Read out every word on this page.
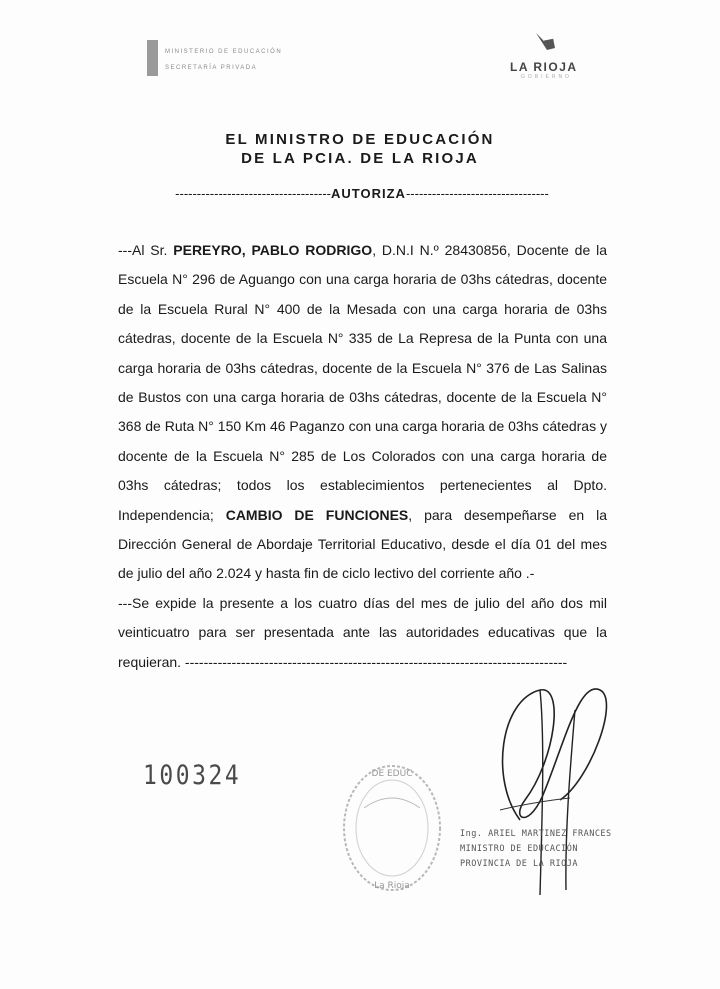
MINISTERIO DE EDUCACIÓN
SECRETARÍA PRIVADA	LA RIOJA
GOBIERNO
EL MINISTRO DE EDUCACIÓN
DE LA PCIA. DE LA RIOJA
------------------------------------AUTORIZA---------------------------------

---Al Sr. PEREYRO, PABLO RODRIGO, D.N.I N.º 28430856, Docente de la Escuela N° 296 de Aguango con una carga horaria de 03hs cátedras, docente de la Escuela Rural N° 400 de la Mesada con una carga horaria de 03hs cátedras, docente de la Escuela N° 335 de La Represa de la Punta con una carga horaria de 03hs cátedras, docente de la Escuela N° 376 de Las Salinas de Bustos con una carga horaria de 03hs cátedras, docente de la Escuela N° 368 de Ruta N° 150 Km 46 Paganzo con una carga horaria de 03hs cátedras y docente de la Escuela N° 285 de Los Colorados con una carga horaria de 03hs cátedras; todos los establecimientos pertenecientes al Dpto. Independencia; CAMBIO DE FUNCIONES, para desempeñarse en la Dirección General de Abordaje Territorial Educativo, desde el día 01 del mes de julio del año 2.024 y hasta fin de ciclo lectivo del corriente año .-

---Se expide la presente a los cuatro días del mes de julio del año dos mil veinticuatro para ser presentada ante las autoridades educativas que la requieran. ----------------------------------------------------------------------------------

100324	DE EDUC
La Rioja
Ing. ARIEL MARTINEZ FRANCES
MINISTRO DE EDUCACIÓN
PROVINCIA DE LA RIOJA
